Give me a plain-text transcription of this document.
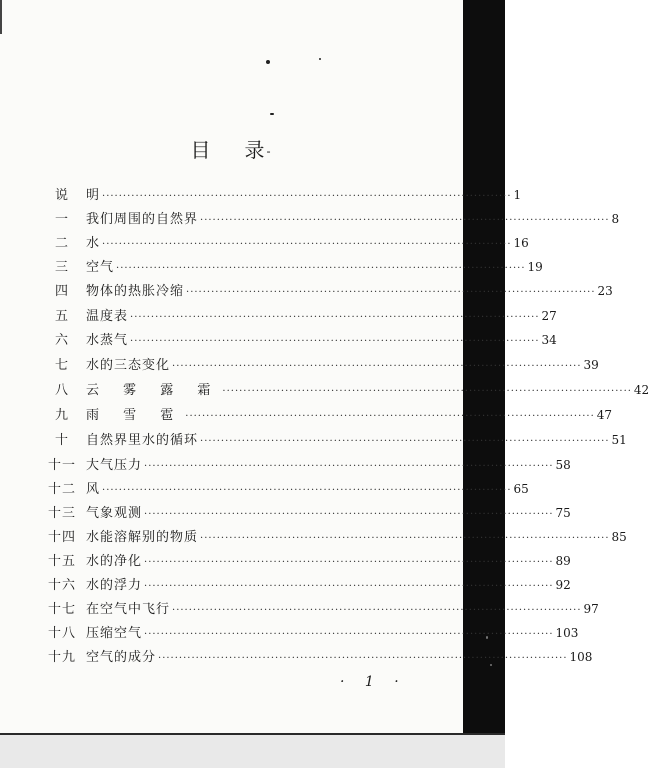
目 录-
说	明 ·································································································· 1
一	我们周围的自然界 ·································································································· 8
二	水 ·································································································· 16
三	空气 ·································································································· 19
四	物体的热胀冷缩 ·································································································· 23
五	温度表 ·································································································· 27
六	水蒸气 ·································································································· 34
七	水的三态变化 ·································································································· 39
八	云 雾 露 霜 ·································································································· 42
九	雨 雪 雹 ·································································································· 47
十	自然界里水的循环 ·································································································· 51
十一 大气压力 ·································································································· 58
十二 风 ·································································································· 65
十三 气象观测 ·································································································· 75
十四 水能溶解别的物质 ·································································································· 85
十五 水的净化 ·································································································· 89
十六 水的浮力 ·································································································· 92
十七 在空气中飞行 ·································································································· 97
十八 压缩空气 ·································································································· 103
十九 空气的成分 ·································································································· 108
· 1 ·
